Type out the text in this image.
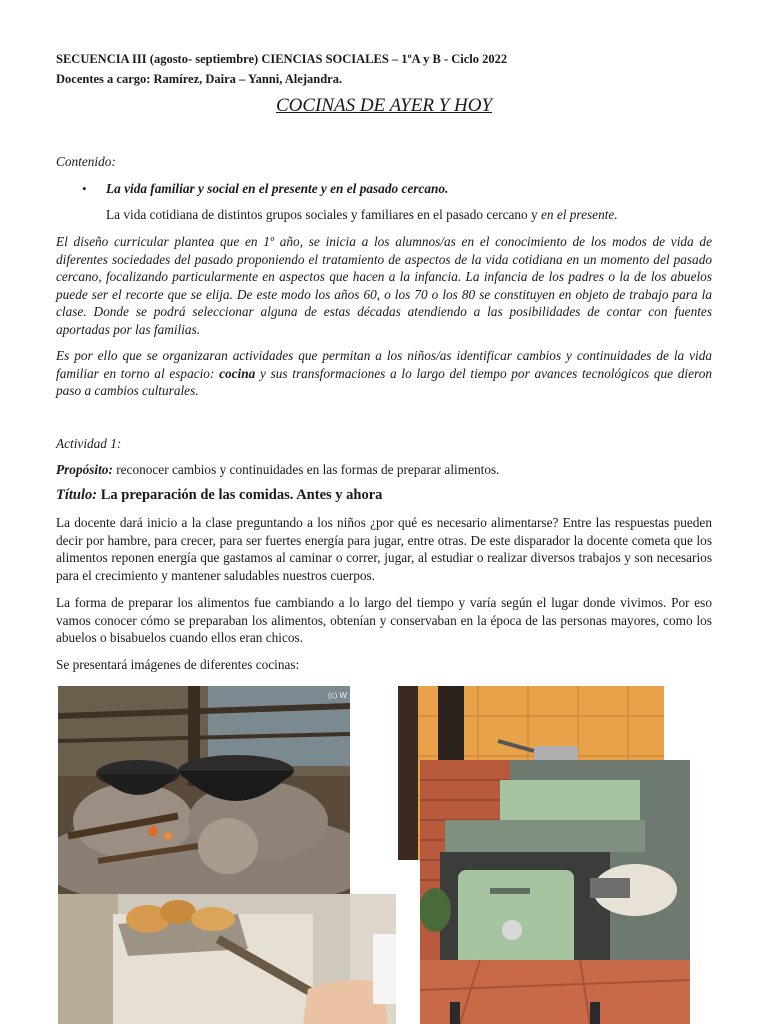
SECUENCIA III (agosto- septiembre) CIENCIAS SOCIALES – 1ºA y B - Ciclo 2022
Docentes a cargo: Ramírez, Daira – Yanni, Alejandra.
COCINAS DE AYER Y HOY
Contenido:
• La vida familiar y social en el presente y en el pasado cercano.
La vida cotidiana de distintos grupos sociales y familiares en el pasado cercano y en el presente.
El diseño curricular plantea que en 1º año, se inicia a los alumnos/as en el conocimiento de los modos de vida de diferentes sociedades del pasado proponiendo el tratamiento de aspectos de la vida cotidiana en un momento del pasado cercano, focalizando particularmente en aspectos que hacen a la infancia. La infancia de los padres o la de los abuelos puede ser el recorte que se elija. De este modo los años 60, o los 70 o los 80 se constituyen en objeto de trabajo para la clase. Donde se podrá seleccionar alguna de estas décadas atendiendo a las posibilidades de contar con fuentes aportadas por las familias.
Es por ello que se organizaran actividades que permitan a los niños/as identificar cambios y continuidades de la vida familiar en torno al espacio: cocina y sus transformaciones a lo largo del tiempo por avances tecnológicos que dieron paso a cambios culturales.
Actividad 1:
Propósito: reconocer cambios y continuidades en las formas de preparar alimentos.
Título: La preparación de las comidas. Antes y ahora
La docente dará inicio a la clase preguntando a los niños ¿por qué es necesario alimentarse? Entre las respuestas pueden decir por hambre, para crecer, para ser fuertes energía para jugar, entre otras. De este disparador la docente cometa que los alimentos reponen energía que gastamos al caminar o correr, jugar, al estudiar o realizar diversos trabajos y son necesarios para el crecimiento y mantener saludables nuestros cuerpos.
La forma de preparar los alimentos fue cambiando a lo largo del tiempo y varía según el lugar donde vivimos. Por eso vamos conocer cómo se preparaban los alimentos, obtenían y conservaban en la época de las personas mayores, como los abuelos o bisabuelos cuando ellos eran chicos.
Se presentará imágenes de diferentes cocinas:
(c) W
